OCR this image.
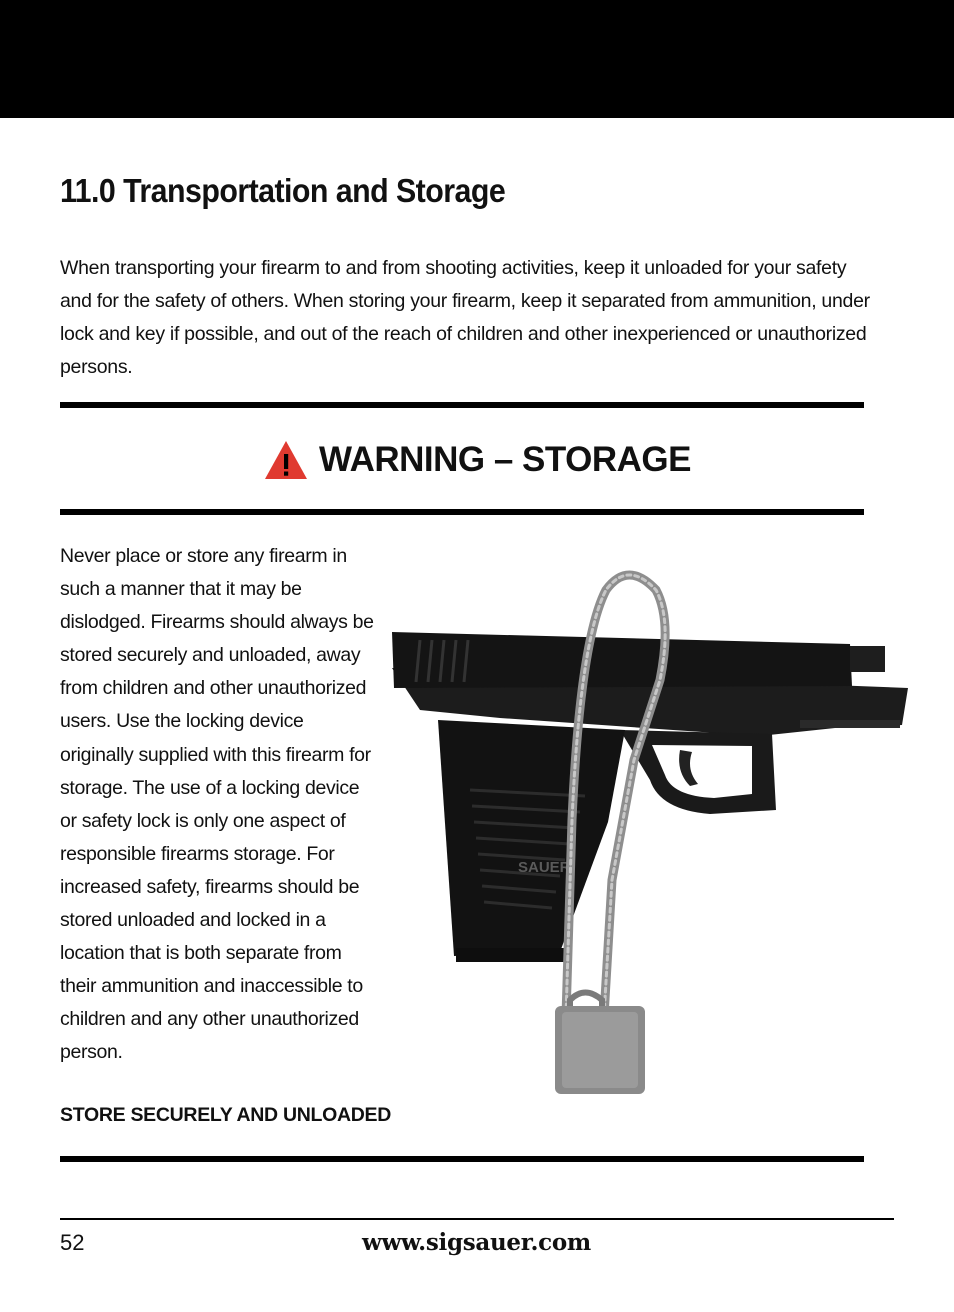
11.0 Transportation and Storage

When transporting your firearm to and from shooting activities, keep it unloaded for your safety and for the safety of others. When storing your firearm, keep it separated from ammunition, under lock and key if possible, and out of the reach of children and other inexperienced or unauthorized persons.

WARNING – STORAGE

Never place or store any firearm in such a manner that it may be dislodged. Firearms should always be stored securely and unloaded, away from children and other unauthorized users. Use the locking device originally supplied with this firearm for storage. The use of a locking device or safety lock is only one aspect of responsible firearms storage. For increased safety, firearms should be stored unloaded and locked in a location that is both separate from their ammunition and inaccessible to children and any other unauthorized person.

STORE SECURELY AND UNLOADED

SAUER
52	www.sigsauer.com
